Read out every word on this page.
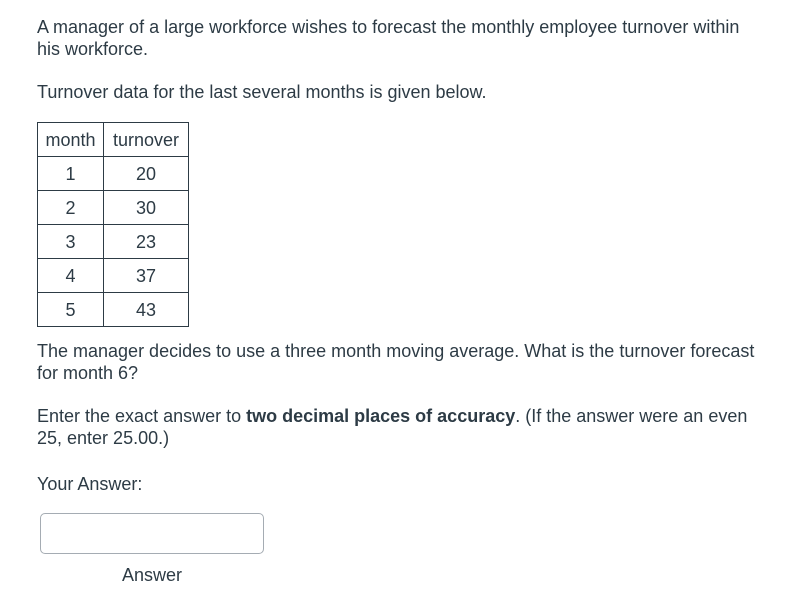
A manager of a large workforce wishes to forecast the monthly employee turnover within his workforce.

Turnover data for the last several months is given below.

month	turnover
1	20
2	30
3	23
4	37
5	43

The manager decides to use a three month moving average. What is the turnover forecast for month 6?

Enter the exact answer to two decimal places of accuracy. (If the answer were an even 25, enter 25.00.)

Your Answer:

Answer
